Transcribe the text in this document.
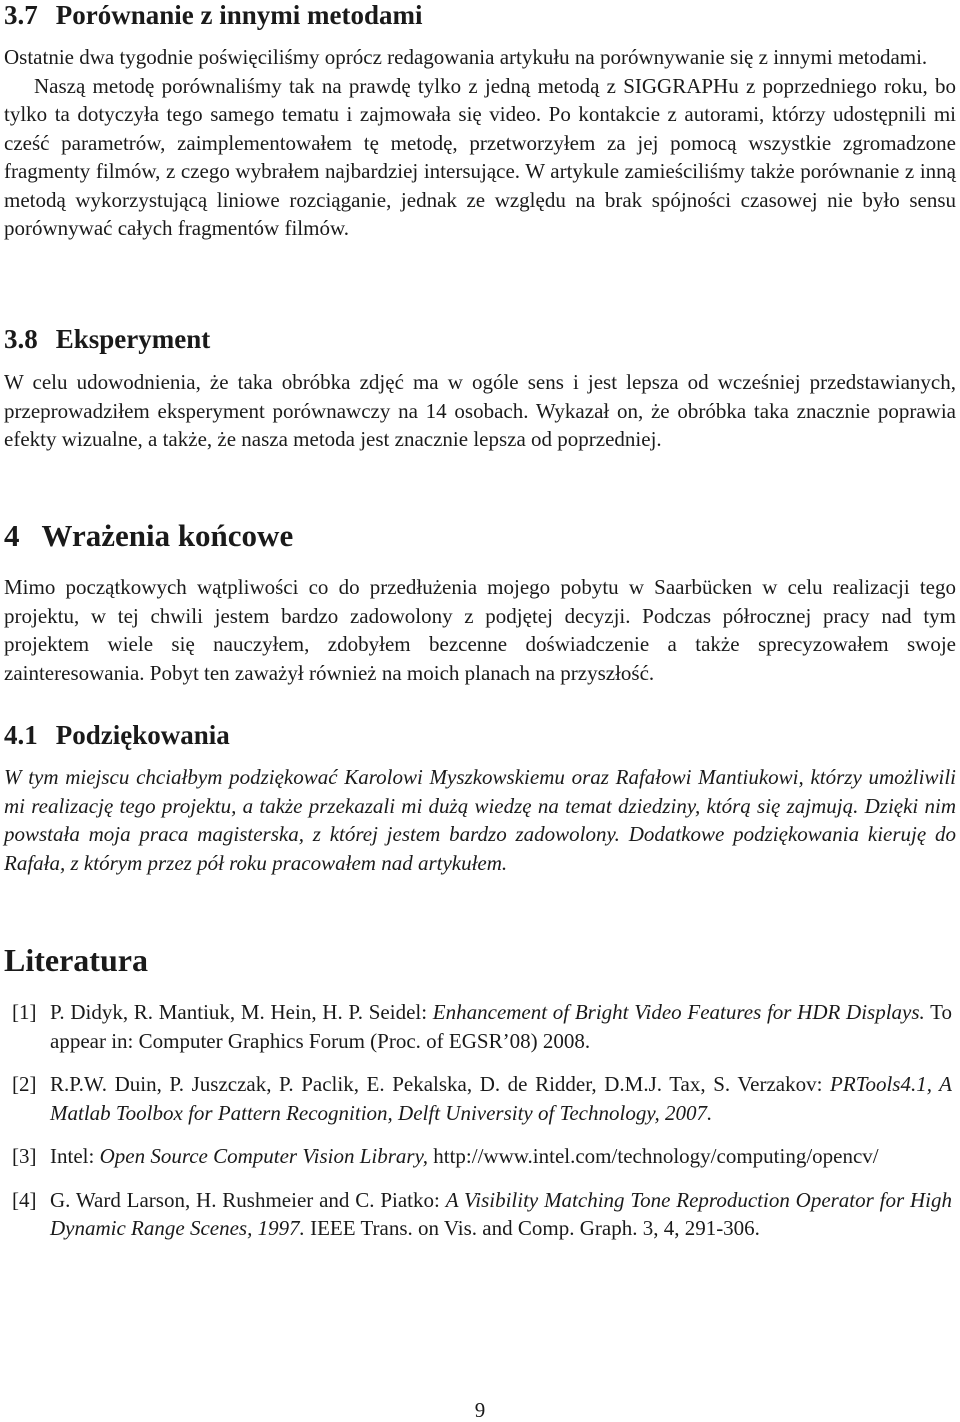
3.7 Porównanie z innymi metodami

Ostatnie dwa tygodnie poświęciliśmy oprócz redagowania artykułu na porównywanie się z innymi metodami.

Naszą metodę porównaliśmy tak na prawdę tylko z jedną metodą z SIGGRAPHu z poprzedniego roku, bo tylko ta dotyczyła tego samego tematu i zajmowała się video. Po kontakcie z autorami, którzy udostępnili mi cześć parametrów, zaimplementowałem tę metodę, przetworzyłem za jej pomocą wszystkie zgromadzone fragmenty filmów, z czego wybrałem najbardziej intersujące. W artykule zamieściliśmy także porównanie z inną metodą wykorzystującą liniowe rozciąganie, jednak ze względu na brak spójności czasowej nie było sensu porównywać całych fragmentów filmów.

3.8 Eksperyment

W celu udowodnienia, że taka obróbka zdjęć ma w ogóle sens i jest lepsza od wcześniej przedstawianych, przeprowadziłem eksperyment porównawczy na 14 osobach. Wykazał on, że obróbka taka znacznie poprawia efekty wizualne, a także, że nasza metoda jest znacznie lepsza od poprzedniej.

4 Wrażenia końcowe

Mimo początkowych wątpliwości co do przedłużenia mojego pobytu w Saarbücken w celu realizacji tego projektu, w tej chwili jestem bardzo zadowolony z podjętej decyzji. Podczas półrocznej pracy nad tym projektem wiele się nauczyłem, zdobyłem bezcenne doświadczenie a także sprecyzowałem swoje zainteresowania. Pobyt ten zaważył również na moich planach na przyszłość.

4.1 Podziękowania

W tym miejscu chciałbym podziękować Karolowi Myszkowskiemu oraz Rafałowi Mantiukowi, którzy umożliwili mi realizację tego projektu, a także przekazali mi dużą wiedzę na temat dziedziny, którą się zajmują. Dzięki nim powstała moja praca magisterska, z której jestem bardzo zadowolony. Dodatkowe podziękowania kieruję do Rafała, z którym przez pół roku pracowałem nad artykułem.

Literatura
[1] P. Didyk, R. Mantiuk, M. Hein, H. P. Seidel: Enhancement of Bright Video Features for HDR Displays. To appear in: Computer Graphics Forum (Proc. of EGSR’08) 2008.
[2] R.P.W. Duin, P. Juszczak, P. Paclik, E. Pekalska, D. de Ridder, D.M.J. Tax, S. Verzakov: PRTools4.1, A Matlab Toolbox for Pattern Recognition, Delft University of Technology, 2007.
[3] Intel: Open Source Computer Vision Library, http://www.intel.com/technology/computing/opencv/
[4] G. Ward Larson, H. Rushmeier and C. Piatko: A Visibility Matching Tone Reproduction Operator for High Dynamic Range Scenes, 1997. IEEE Trans. on Vis. and Comp. Graph. 3, 4, 291-306.
9
